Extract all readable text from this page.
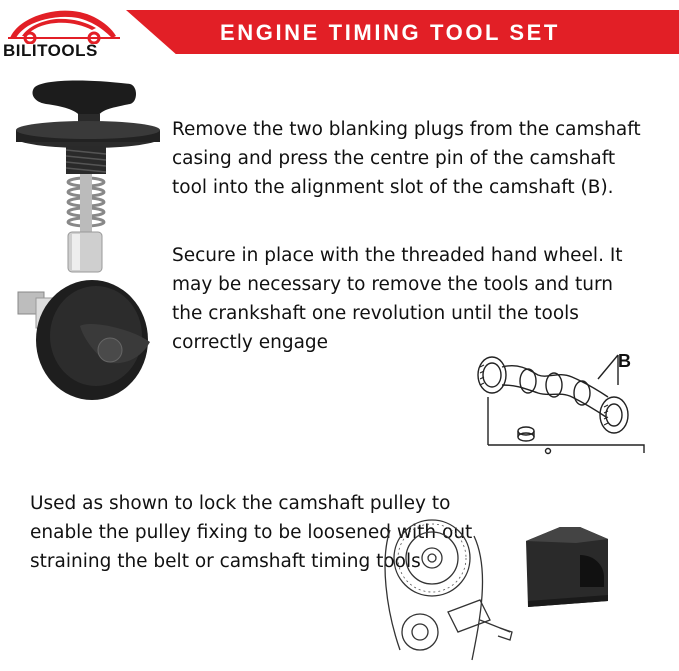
BILITOOLS
ENGINE TIMING TOOL SET

Remove the two blanking plugs from the camshaft casing and press the centre pin of the camshaft tool into the alignment slot of the camshaft (B).

Secure in place with the threaded hand wheel. It may be necessary to remove the tools and turn the crankshaft one revolution until the tools correctly engage

Used as shown to lock the camshaft pulley to enable the pulley fixing to be loosened with out straining the belt or camshaft timing tools

B
